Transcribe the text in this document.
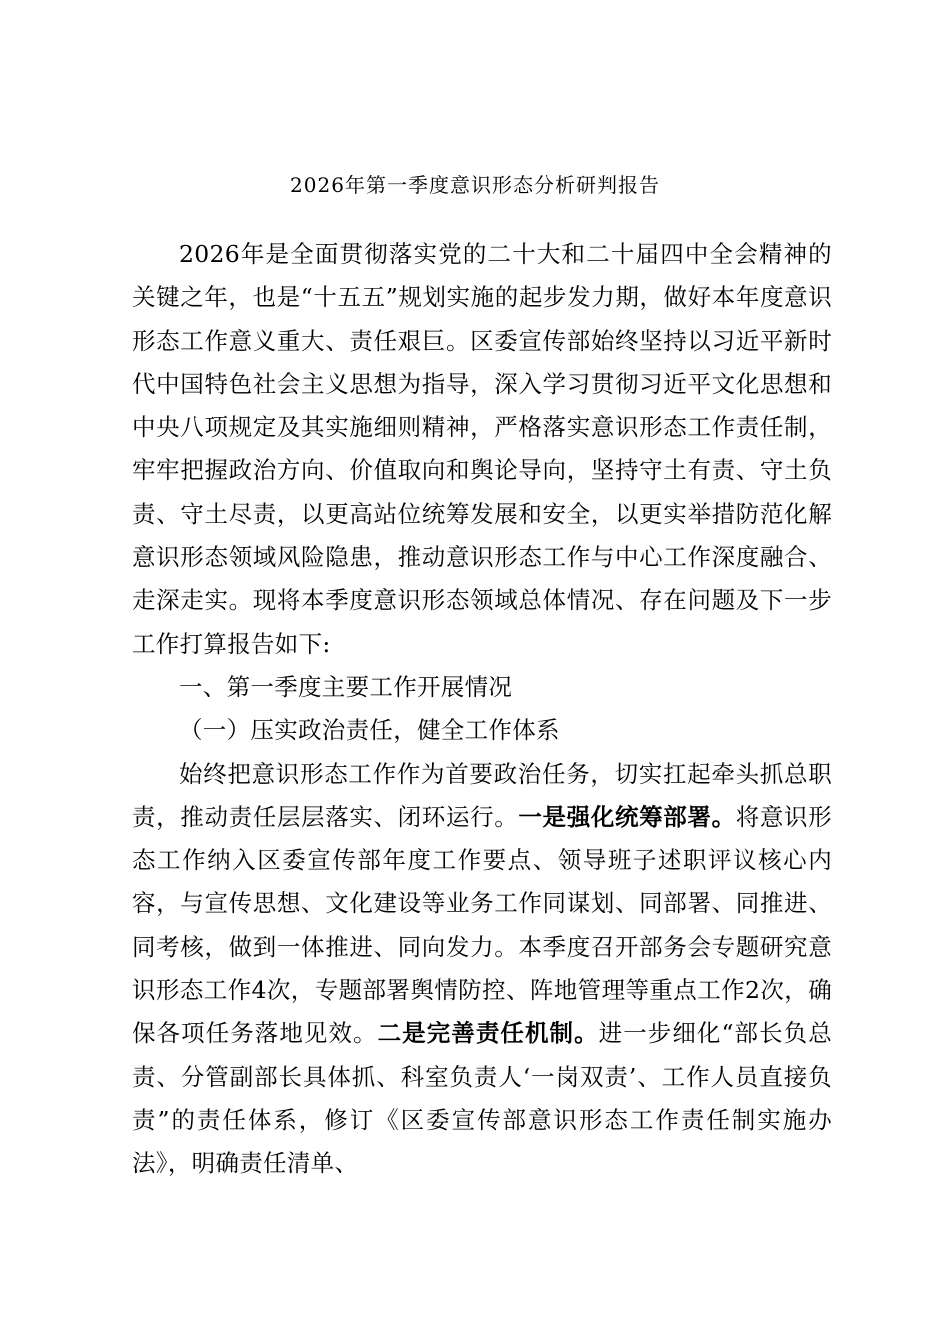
2026年第一季度意识形态分析研判报告

2026年是全面贯彻落实党的二十大和二十届四中全会精神的关键之年，也是“十五五”规划实施的起步发力期，做好本年度意识形态工作意义重大、责任艰巨。区委宣传部始终坚持以习近平新时代中国特色社会主义思想为指导，深入学习贯彻习近平文化思想和中央八项规定及其实施细则精神，严格落实意识形态工作责任制，牢牢把握政治方向、价值取向和舆论导向，坚持守土有责、守土负责、守土尽责，以更高站位统筹发展和安全，以更实举措防范化解意识形态领域风险隐患，推动意识形态工作与中心工作深度融合、走深走实。现将本季度意识形态领域总体情况、存在问题及下一步工作打算报告如下:

一、第一季度主要工作开展情况

（一）压实政治责任，健全工作体系

始终把意识形态工作作为首要政治任务，切实扛起牵头抓总职责，推动责任层层落实、闭环运行。一是强化统筹部署。将意识形态工作纳入区委宣传部年度工作要点、领导班子述职评议核心内容，与宣传思想、文化建设等业务工作同谋划、同部署、同推进、同考核，做到一体推进、同向发力。本季度召开部务会专题研究意识形态工作4次，专题部署舆情防控、阵地管理等重点工作2次，确保各项任务落地见效。二是完善责任机制。进一步细化“部长负总责、分管副部长具体抓、科室负责人‘一岗双责’、工作人员直接负责”的责任体系，修订《区委宣传部意识形态工作责任制实施办法》，明确责任清单、
